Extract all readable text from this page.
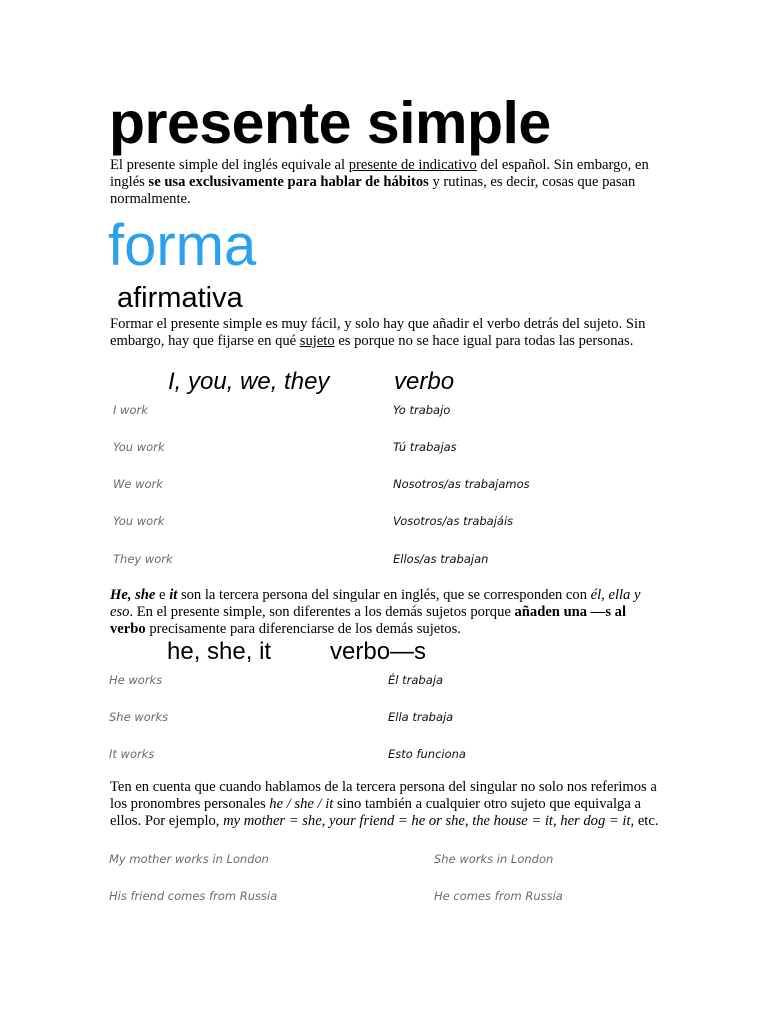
presente simple

El presente simple del inglés equivale al presente de indicativo del español. Sin embargo, en inglés se usa exclusivamente para hablar de hábitos y rutinas, es decir, cosas que pasan normalmente.

forma
afirmativa

Formar el presente simple es muy fácil, y solo hay que añadir el verbo detrás del sujeto. Sin embargo, hay que fijarse en qué sujeto es porque no se hace igual para todas las personas.

I, you, we, they	verbo
I work	Yo trabajo
You work	Tú trabajas
We work	Nosotros/as trabajamos
You work	Vosotros/as trabajáis
They work	Ellos/as trabajan

He, she e it son la tercera persona del singular en inglés, que se corresponden con él, ella y eso. En el presente simple, son diferentes a los demás sujetos porque añaden una —s al verbo precisamente para diferenciarse de los demás sujetos.

he, she, it verbo—s
He works	Él trabaja
She works	Ella trabaja
It works	Esto funciona

Ten en cuenta que cuando hablamos de la tercera persona del singular no solo nos referimos a los pronombres personales he / she / it sino también a cualquier otro sujeto que equivalga a ellos. Por ejemplo, my mother = she, your friend = he or she, the house = it, her dog = it, etc.

My mother works in London	She works in London
His friend comes from Russia	He comes from Russia
